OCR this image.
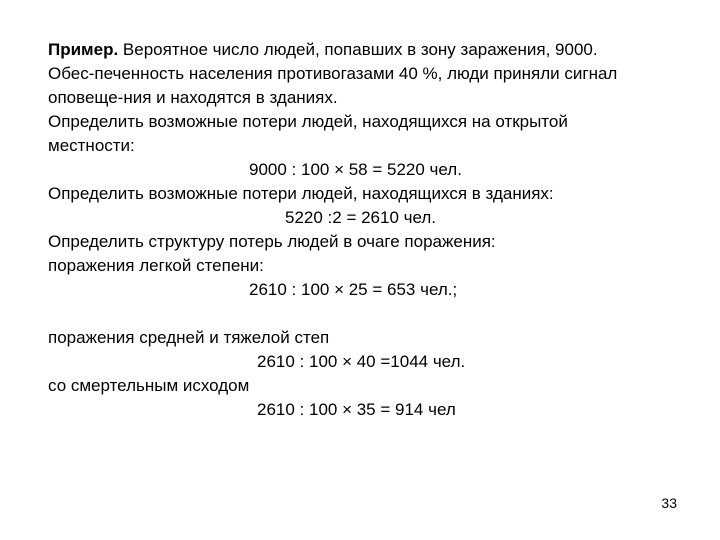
Пример. Вероятное число людей, попавших в зону заражения, 9000.
Обес-печенность населения противогазами 40 %, люди приняли сигнал
оповеще-ния и находятся в зданиях.
Определить возможные потери людей, находящихся на открытой
местности:
9000 : 100 × 58 = 5220 чел.
Определить возможные потери людей, находящихся в зданиях:
5220 :2 = 2610 чел.
Определить структуру потерь людей в очаге поражения:
поражения легкой степени:
2610 : 100 × 25 = 653 чел.;
поражения средней и тяжелой степ
2610 : 100 × 40 =1044 чел.
со смертельным исходом
2610 : 100 × 35 = 914 чел
33
